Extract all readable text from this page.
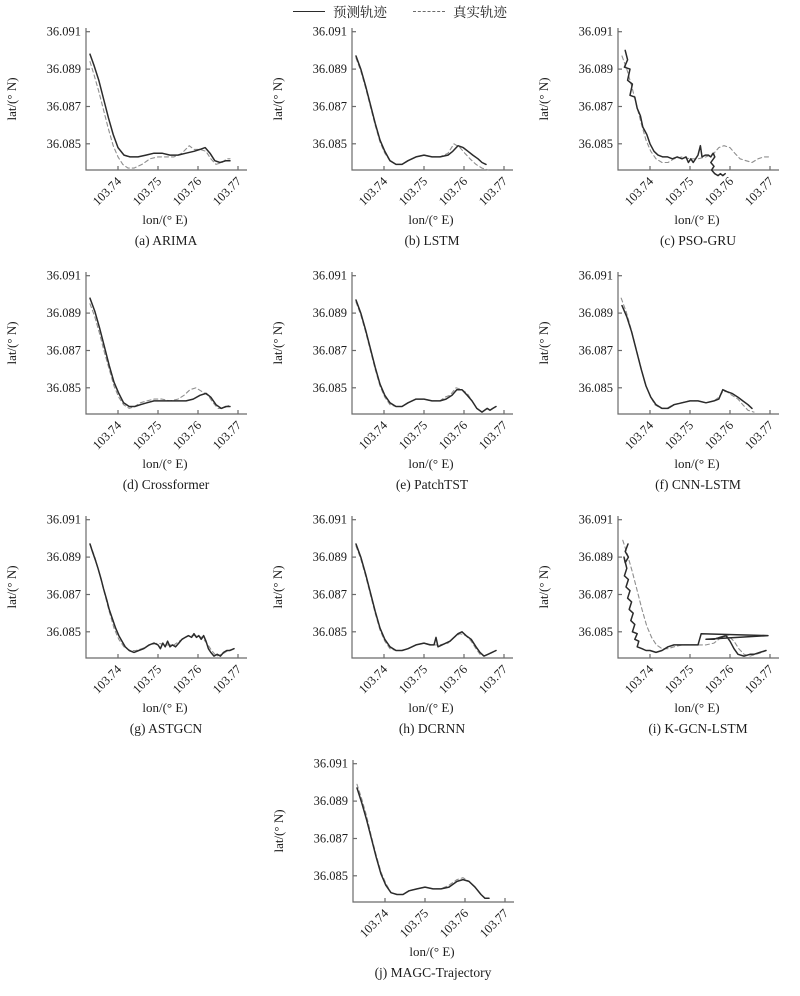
预测轨迹	真实轨迹
36.085
36.087
36.089
36.091
103.74 103.75 103.76 103.77
lat/(° N)
lon/(° E)
(a) ARIMA
36.085
36.087
36.089
36.091
103.74 103.75 103.76 103.77
lat/(° N)
lon/(° E)
(b) LSTM
36.085
36.087
36.089
36.091
103.74 103.75 103.76 103.77
lat/(° N)
lon/(° E)
(c) PSO-GRU
36.085
36.087
36.089
36.091
103.74 103.75 103.76 103.77
lat/(° N)
lon/(° E)
(d) Crossformer
36.085
36.087
36.089
36.091
103.74 103.75 103.76 103.77
lat/(° N)
lon/(° E)
(e) PatchTST
36.085
36.087
36.089
36.091
103.74 103.75 103.76 103.77
lat/(° N)
lon/(° E)
(f) CNN-LSTM
36.085
36.087
36.089
36.091
103.74 103.75 103.76 103.77
lat/(° N)
lon/(° E)
(g) ASTGCN
36.085
36.087
36.089
36.091
103.74 103.75 103.76 103.77
lat/(° N)
lon/(° E)
(h) DCRNN
36.085
36.087
36.089
36.091
103.74 103.75 103.76 103.77
lat/(° N)
lon/(° E)
(i) K-GCN-LSTM
36.085
36.087
36.089
36.091
103.74 103.75 103.76 103.77
lat/(° N)
lon/(° E)
(j) MAGC-Trajectory
